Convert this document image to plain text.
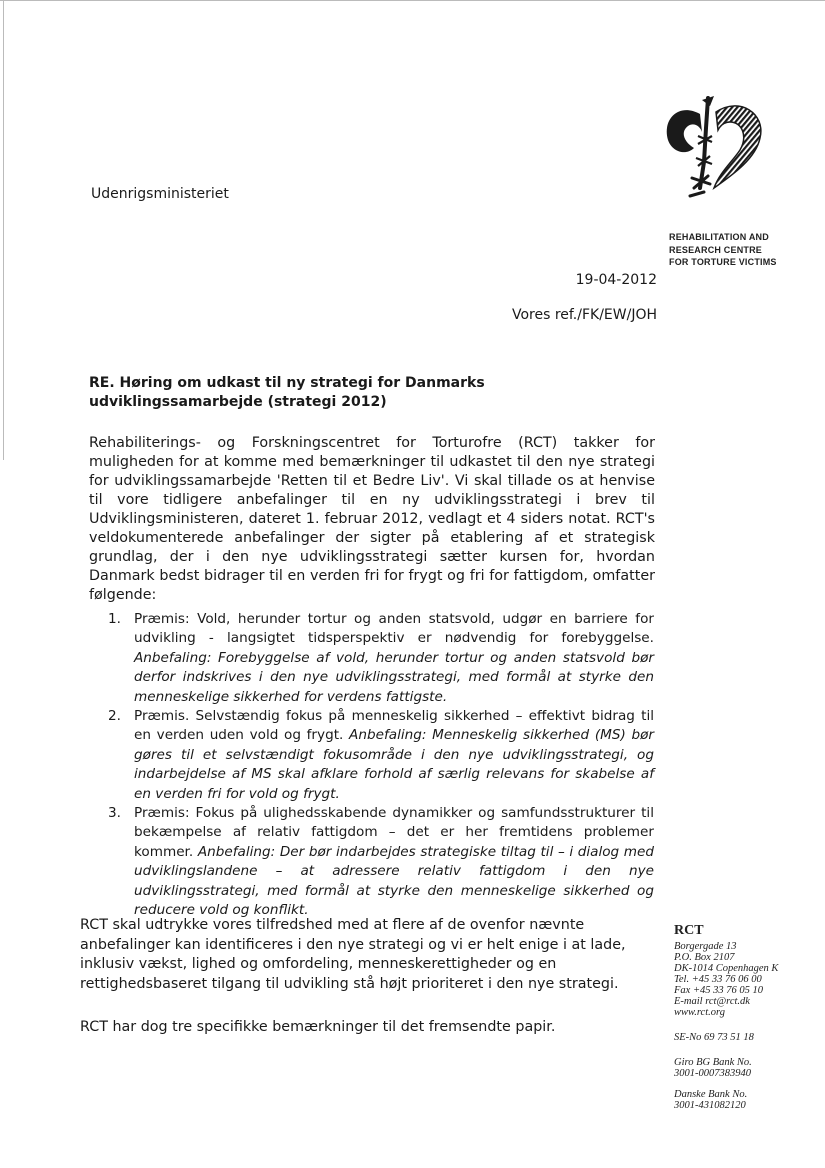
Udenrigsministeriet
REHABILITATION AND
RESEARCH CENTRE
FOR TORTURE VICTIMS
19-04-2012
Vores ref./FK/EW/JOH

RE. Høring om udkast til ny strategi for Danmarks udviklingssamarbejde (strategi 2012)

Rehabiliterings- og Forskningscentret for Torturofre (RCT) takker for muligheden for at komme med bemærkninger til udkastet til den nye strategi for udviklingssamarbejde 'Retten til et Bedre Liv'. Vi skal tillade os at henvise til vore tidligere anbefalinger til en ny udviklingsstrategi i brev til Udviklingsministeren, dateret 1. februar 2012, vedlagt et 4 siders notat. RCT's veldokumenterede anbefalinger der sigter på etablering af et strategisk grundlag, der i den nye udviklingsstrategi sætter kursen for, hvordan Danmark bedst bidrager til en verden fri for frygt og fri for fattigdom, omfatter følgende:

1. Præmis: Vold, herunder tortur og anden statsvold, udgør en barriere for udvikling - langsigtet tidsperspektiv er nødvendig for forebyggelse. Anbefaling: Forebyggelse af vold, herunder tortur og anden statsvold bør derfor indskrives i den nye udviklingsstrategi, med formål at styrke den menneskelige sikkerhed for verdens fattigste.
2. Præmis. Selvstændig fokus på menneskelig sikkerhed – effektivt bidrag til en verden uden vold og frygt. Anbefaling: Menneskelig sikkerhed (MS) bør gøres til et selvstændigt fokusområde i den nye udviklingsstrategi, og indarbejdelse af MS skal afklare forhold af særlig relevans for skabelse af en verden fri for vold og frygt.
3. Præmis: Fokus på ulighedsskabende dynamikker og samfundsstrukturer til bekæmpelse af relativ fattigdom – det er her fremtidens problemer kommer. Anbefaling: Der bør indarbejdes strategiske tiltag til – i dialog med udviklingslandene – at adressere relativ fattigdom i den nye udviklingsstrategi, med formål at styrke den menneskelige sikkerhed og reducere vold og konflikt.

RCT skal udtrykke vores tilfredshed med at flere af de ovenfor nævnte anbefalinger kan identificeres i den nye strategi og vi er helt enige i at lade, inklusiv vækst, lighed og omfordeling, menneskerettigheder og en rettighedsbaseret tilgang til udvikling stå højt prioriteret i den nye strategi.

RCT har dog tre specifikke bemærkninger til det fremsendte papir.

RCT
Borgergade 13
P.O. Box 2107
DK-1014 Copenhagen K
Tel. +45 33 76 06 00
Fax +45 33 76 05 10
E-mail rct@rct.dk
www.rct.org
SE-No 69 73 51 18
Giro BG Bank No.
3001-0007383940
Danske Bank No.
3001-431082120
